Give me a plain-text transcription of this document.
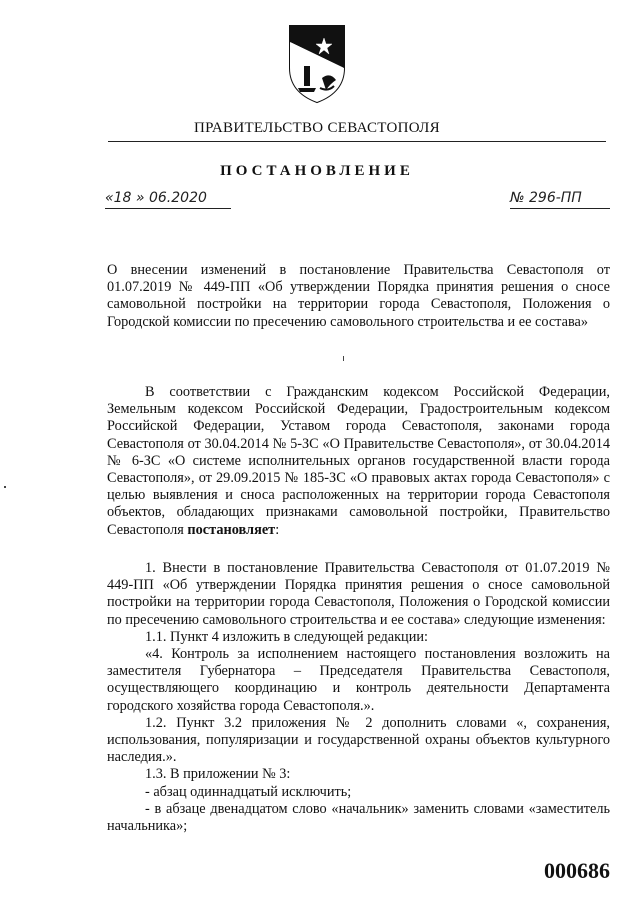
ПРАВИТЕЛЬСТВО СЕВАСТОПОЛЯ
ПОСТАНОВЛЕНИЕ
«18 » 06.2020	№ 296-ПП

О внесении изменений в постановление Правительства Севастополя от 01.07.2019 № 449-ПП «Об утверждении Порядка принятия решения о сносе самовольной постройки на территории города Севастополя, Положения о Городской комиссии по пресечению самовольного строительства и ее состава»

В соответствии с Гражданским кодексом Российской Федерации, Земельным кодексом Российской Федерации, Градостроительным кодексом Российской Федерации, Уставом города Севастополя, законами города Севастополя от 30.04.2014 № 5-ЗС «О Правительстве Севастополя», от 30.04.2014 № 6-ЗС «О системе исполнительных органов государственной власти города Севастополя», от 29.09.2015 № 185-ЗС «О правовых актах города Севастополя» с целью выявления и сноса расположенных на территории города Севастополя объектов, обладающих признаками самовольной постройки, Правительство Севастополя постановляет:

1. Внести в постановление Правительства Севастополя от 01.07.2019 № 449-ПП «Об утверждении Порядка принятия решения о сносе самовольной постройки на территории города Севастополя, Положения о Городской комиссии по пресечению самовольного строительства и ее состава» следующие изменения:
1.1. Пункт 4 изложить в следующей редакции:
«4. Контроль за исполнением настоящего постановления возложить на заместителя Губернатора – Председателя Правительства Севастополя, осуществляющего координацию и контроль деятельности Департамента городского хозяйства города Севастополя.».
1.2. Пункт 3.2 приложения № 2 дополнить словами «, сохранения, использования, популяризации и государственной охраны объектов культурного наследия.».
1.3. В приложении № 3:
- абзац одиннадцатый исключить;
- в абзаце двенадцатом слово «начальник» заменить словами «заместитель начальника»;
000686
